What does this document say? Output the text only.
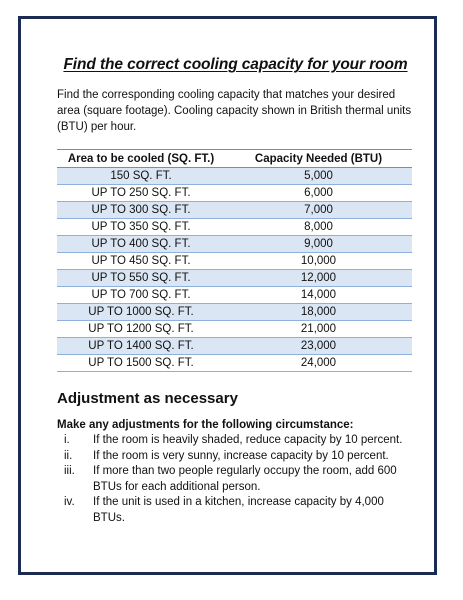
Find the correct cooling capacity for your room

Find the corresponding cooling capacity that matches your desired area (square footage). Cooling capacity shown in British thermal units (BTU) per hour.

Area to be cooled (SQ. FT.)	Capacity Needed (BTU)
150 SQ. FT.	5,000
UP TO 250 SQ. FT.	6,000
UP TO 300 SQ. FT.	7,000
UP TO 350 SQ. FT.	8,000
UP TO 400 SQ. FT.	9,000
UP TO 450 SQ. FT.	10,000
UP TO 550 SQ. FT.	12,000
UP TO 700 SQ. FT.	14,000
UP TO 1000 SQ. FT.	18,000
UP TO 1200 SQ. FT.	21,000
UP TO 1400 SQ. FT.	23,000
UP TO 1500 SQ. FT.	24,000
Adjustment as necessary
Make any adjustments for the following circumstance:
i.	If the room is heavily shaded, reduce capacity by 10 percent.
ii.	If the room is very sunny, increase capacity by 10 percent.
iii.	If more than two people regularly occupy the room, add 600 BTUs for each additional person.
iv.	If the unit is used in a kitchen, increase capacity by 4,000 BTUs.
